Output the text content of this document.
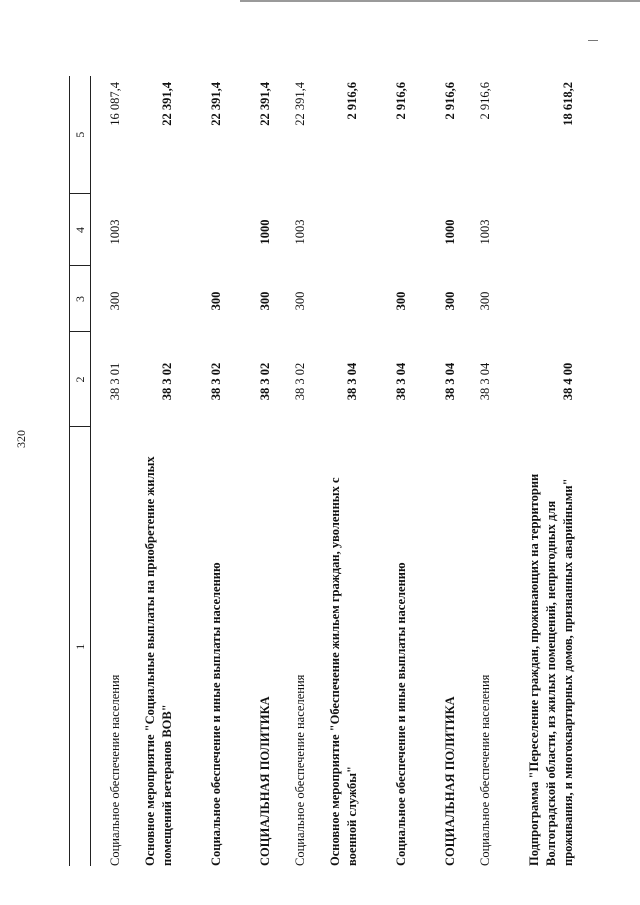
320
1	2	3	4	5

Социальное обеспечение населения	38 3 01	300	1003	16 087,4

Основное мероприятие "Социальные выплаты на приобретение жилых помещений ветеранов ВОВ"	38 3 02			22 391,4

Социальное обеспечение и иные выплаты населению	38 3 02	300		22 391,4

СОЦИАЛЬНАЯ ПОЛИТИКА	38 3 02	300	1000	22 391,4

Социальное обеспечение населения	38 3 02	300	1003	22 391,4

Основное мероприятие "Обеспечение жильем граждан, уволенных с военной службы"	38 3 04			2 916,6

Социальное обеспечение и иные выплаты населению	38 3 04	300		2 916,6

СОЦИАЛЬНАЯ ПОЛИТИКА	38 3 04	300	1000	2 916,6

Социальное обеспечение населения	38 3 04	300	1003	2 916,6

Подпрограмма "Переселение граждан, проживающих на территории Волгоградской области, из жилых помещений, непригодных для проживания, и многоквартирных домов, признанных аварийными"	38 4 00			18 618,2
